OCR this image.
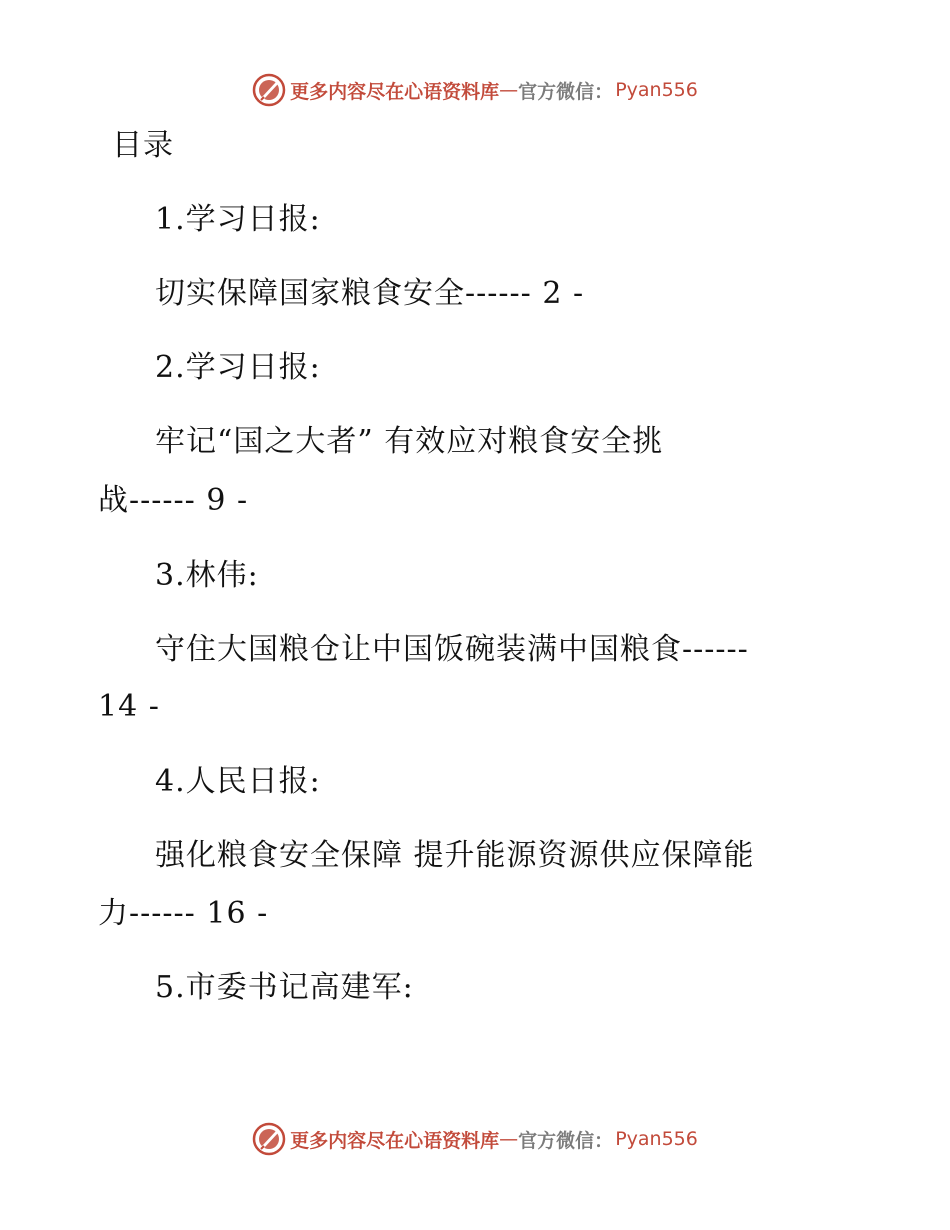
更多内容尽在心语资料库 — 官方微信： Pyan556
目录
1.学习日报:
切实保障国家粮食安全------ 2 -
2.学习日报:
牢记“国之大者” 有效应对粮食安全挑
战------ 9 -
3.林伟:
守住大国粮仓让中国饭碗装满中国粮食------
14 -
4.人民日报:
强化粮食安全保障 提升能源资源供应保障能
力------ 16 -
5.市委书记高建军:
更多内容尽在心语资料库 — 官方微信： Pyan556
